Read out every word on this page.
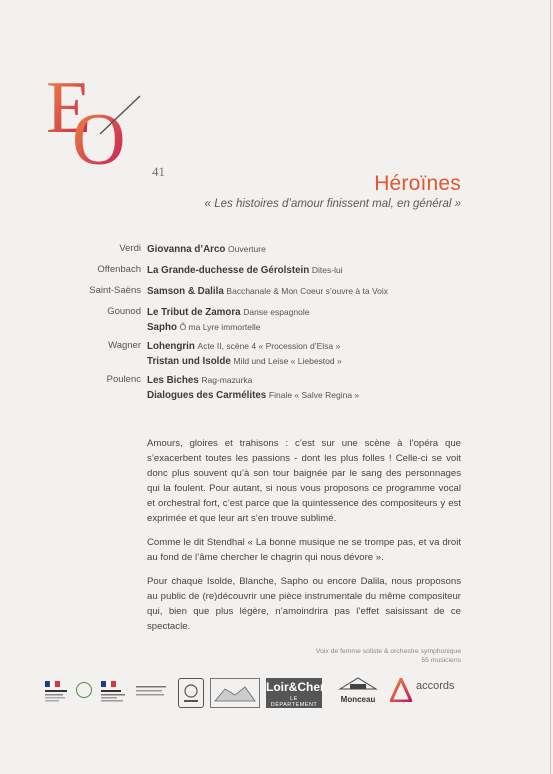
E
O 41
Héroïnes
« Les histoires d’amour finissent mal, en général »
Verdi Giovanna d’Arco Ouverture
Offenbach La Grande-duchesse de Gérolstein Dites-lui
Saint-Saëns Samson & Dalila Bacchanale & Mon Coeur s’ouvre à ta Voix
Gounod Le Tribut de Zamora Danse espagnole
Sapho Ô ma Lyre immortelle
Wagner Lohengrin Acte II, scène 4 « Procession d’Elsa »
Tristan und Isolde Mild und Leise « Liebestod »
Poulenc Les Biches Rag-mazurka
Dialogues des Carmélites Finale « Salve Regina »

Amours, gloires et trahisons : c’est sur une scène à l’opéra que s’exacerbent toutes les passions - dont les plus folles ! Celle-ci se voit donc plus souvent qu’à son tour baignée par le sang des personnages qui la foulent. Pour autant, si nous vous proposons ce programme vocal et orchestral fort, c’est parce que la quintessence des compositeurs y est exprimée et que leur art s’en trouve sublimé.

Comme le dit Stendhal « La bonne musique ne se trompe pas, et va droit au fond de l’âme chercher le chagrin qui nous dévore ».

Pour chaque Isolde, Blanche, Sapho ou encore Dalila, nous proposons au public de (re)découvrir une pièce instrumentale du même compositeur qui, bien que plus légère, n’amoindrira pas l’effet saisissant de ce spectacle.

Voix de femme soliste & orchestre symphonique
55 musiciens
Loir&Cher
LE DÉPARTEMENT
Monceau
accords
